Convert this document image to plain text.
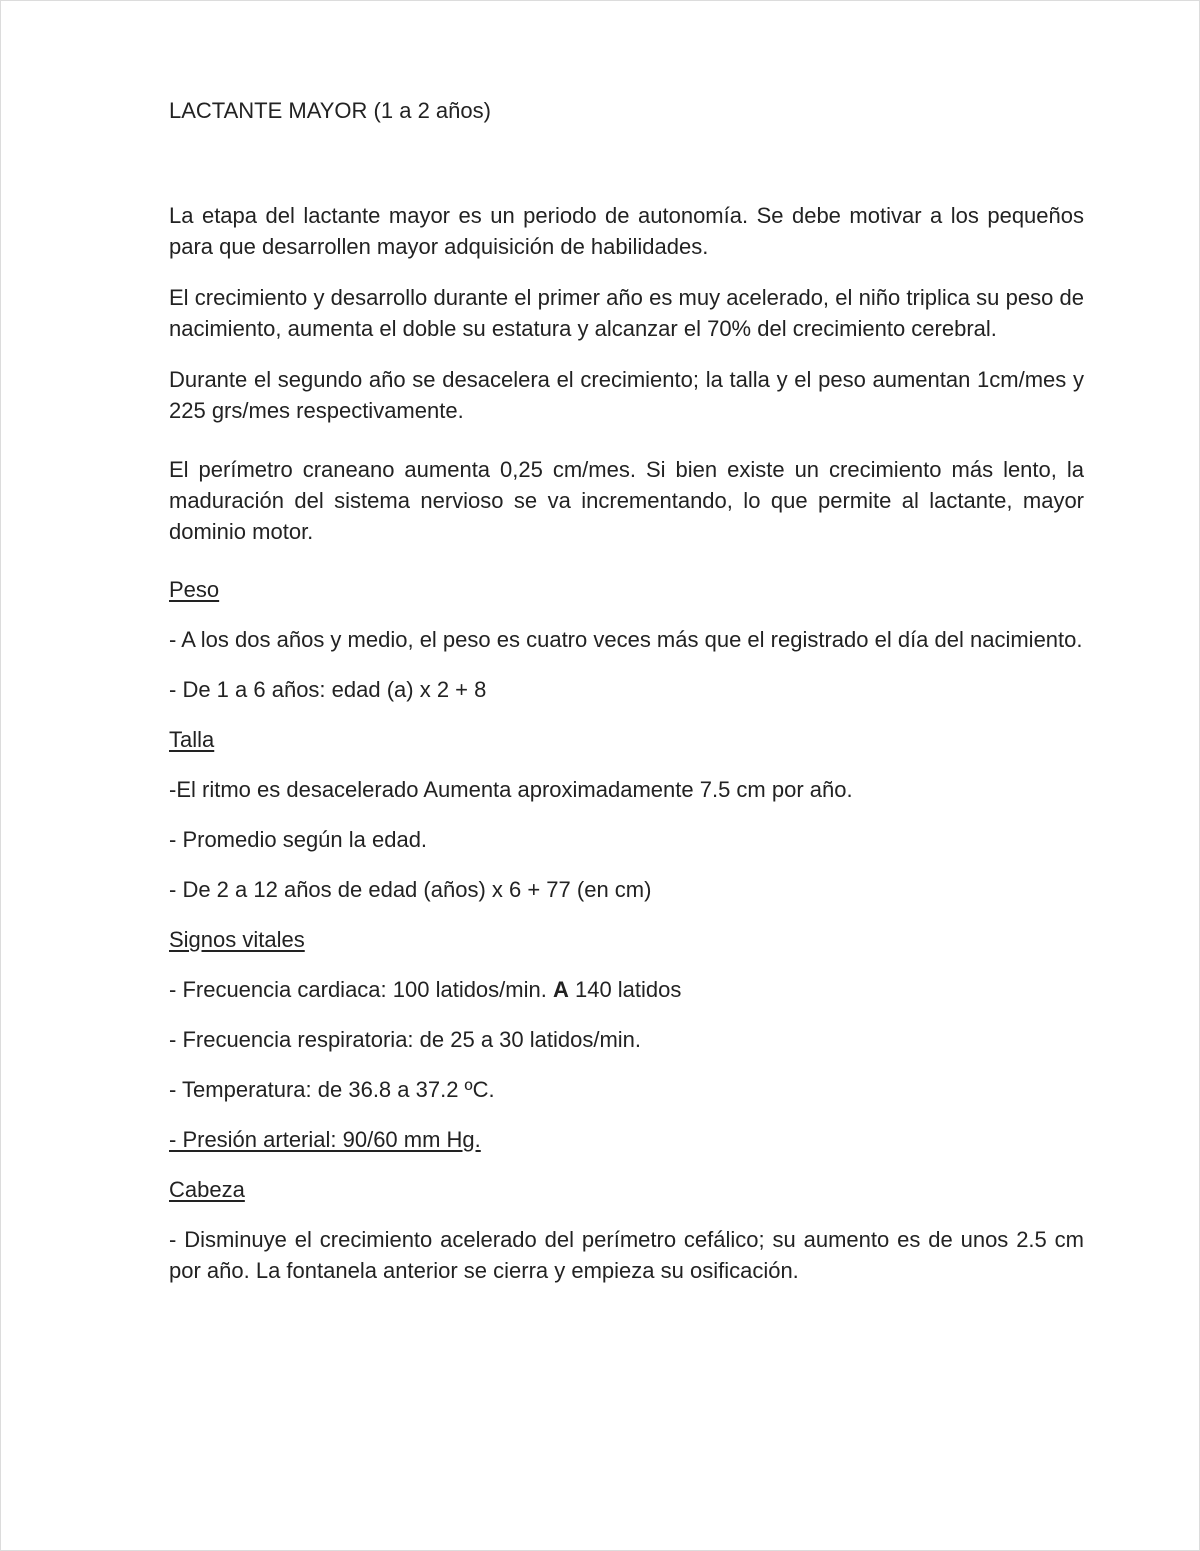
LACTANTE MAYOR (1 a 2 años)

La etapa del lactante mayor es un periodo de autonomía. Se debe motivar a los pequeños para que desarrollen mayor adquisición de habilidades.

El crecimiento y desarrollo durante el primer año es muy acelerado, el niño triplica su peso de nacimiento, aumenta el doble su estatura y alcanzar el 70% del crecimiento cerebral.

Durante el segundo año se desacelera el crecimiento; la talla y el peso aumentan 1cm/mes y 225 grs/mes respectivamente.

El perímetro craneano aumenta 0,25 cm/mes. Si bien existe un crecimiento más lento, la maduración del sistema nervioso se va incrementando, lo que permite al lactante, mayor dominio motor.

Peso

- A los dos años y medio, el peso es cuatro veces más que el registrado el día del nacimiento.

- De 1 a 6 años: edad (a) x 2 + 8

Talla

-El ritmo es desacelerado Aumenta aproximadamente 7.5 cm por año.

- Promedio según la edad.

- De 2 a 12 años de edad (años) x 6 + 77 (en cm)

Signos vitales

- Frecuencia cardiaca: 100 latidos/min. A 140 latidos

- Frecuencia respiratoria: de 25 a 30 latidos/min.

- Temperatura: de 36.8 a 37.2 ºC.

- Presión arterial: 90/60 mm Hg.

Cabeza

- Disminuye el crecimiento acelerado del perímetro cefálico; su aumento es de unos 2.5 cm por año. La fontanela anterior se cierra y empieza su osificación.
